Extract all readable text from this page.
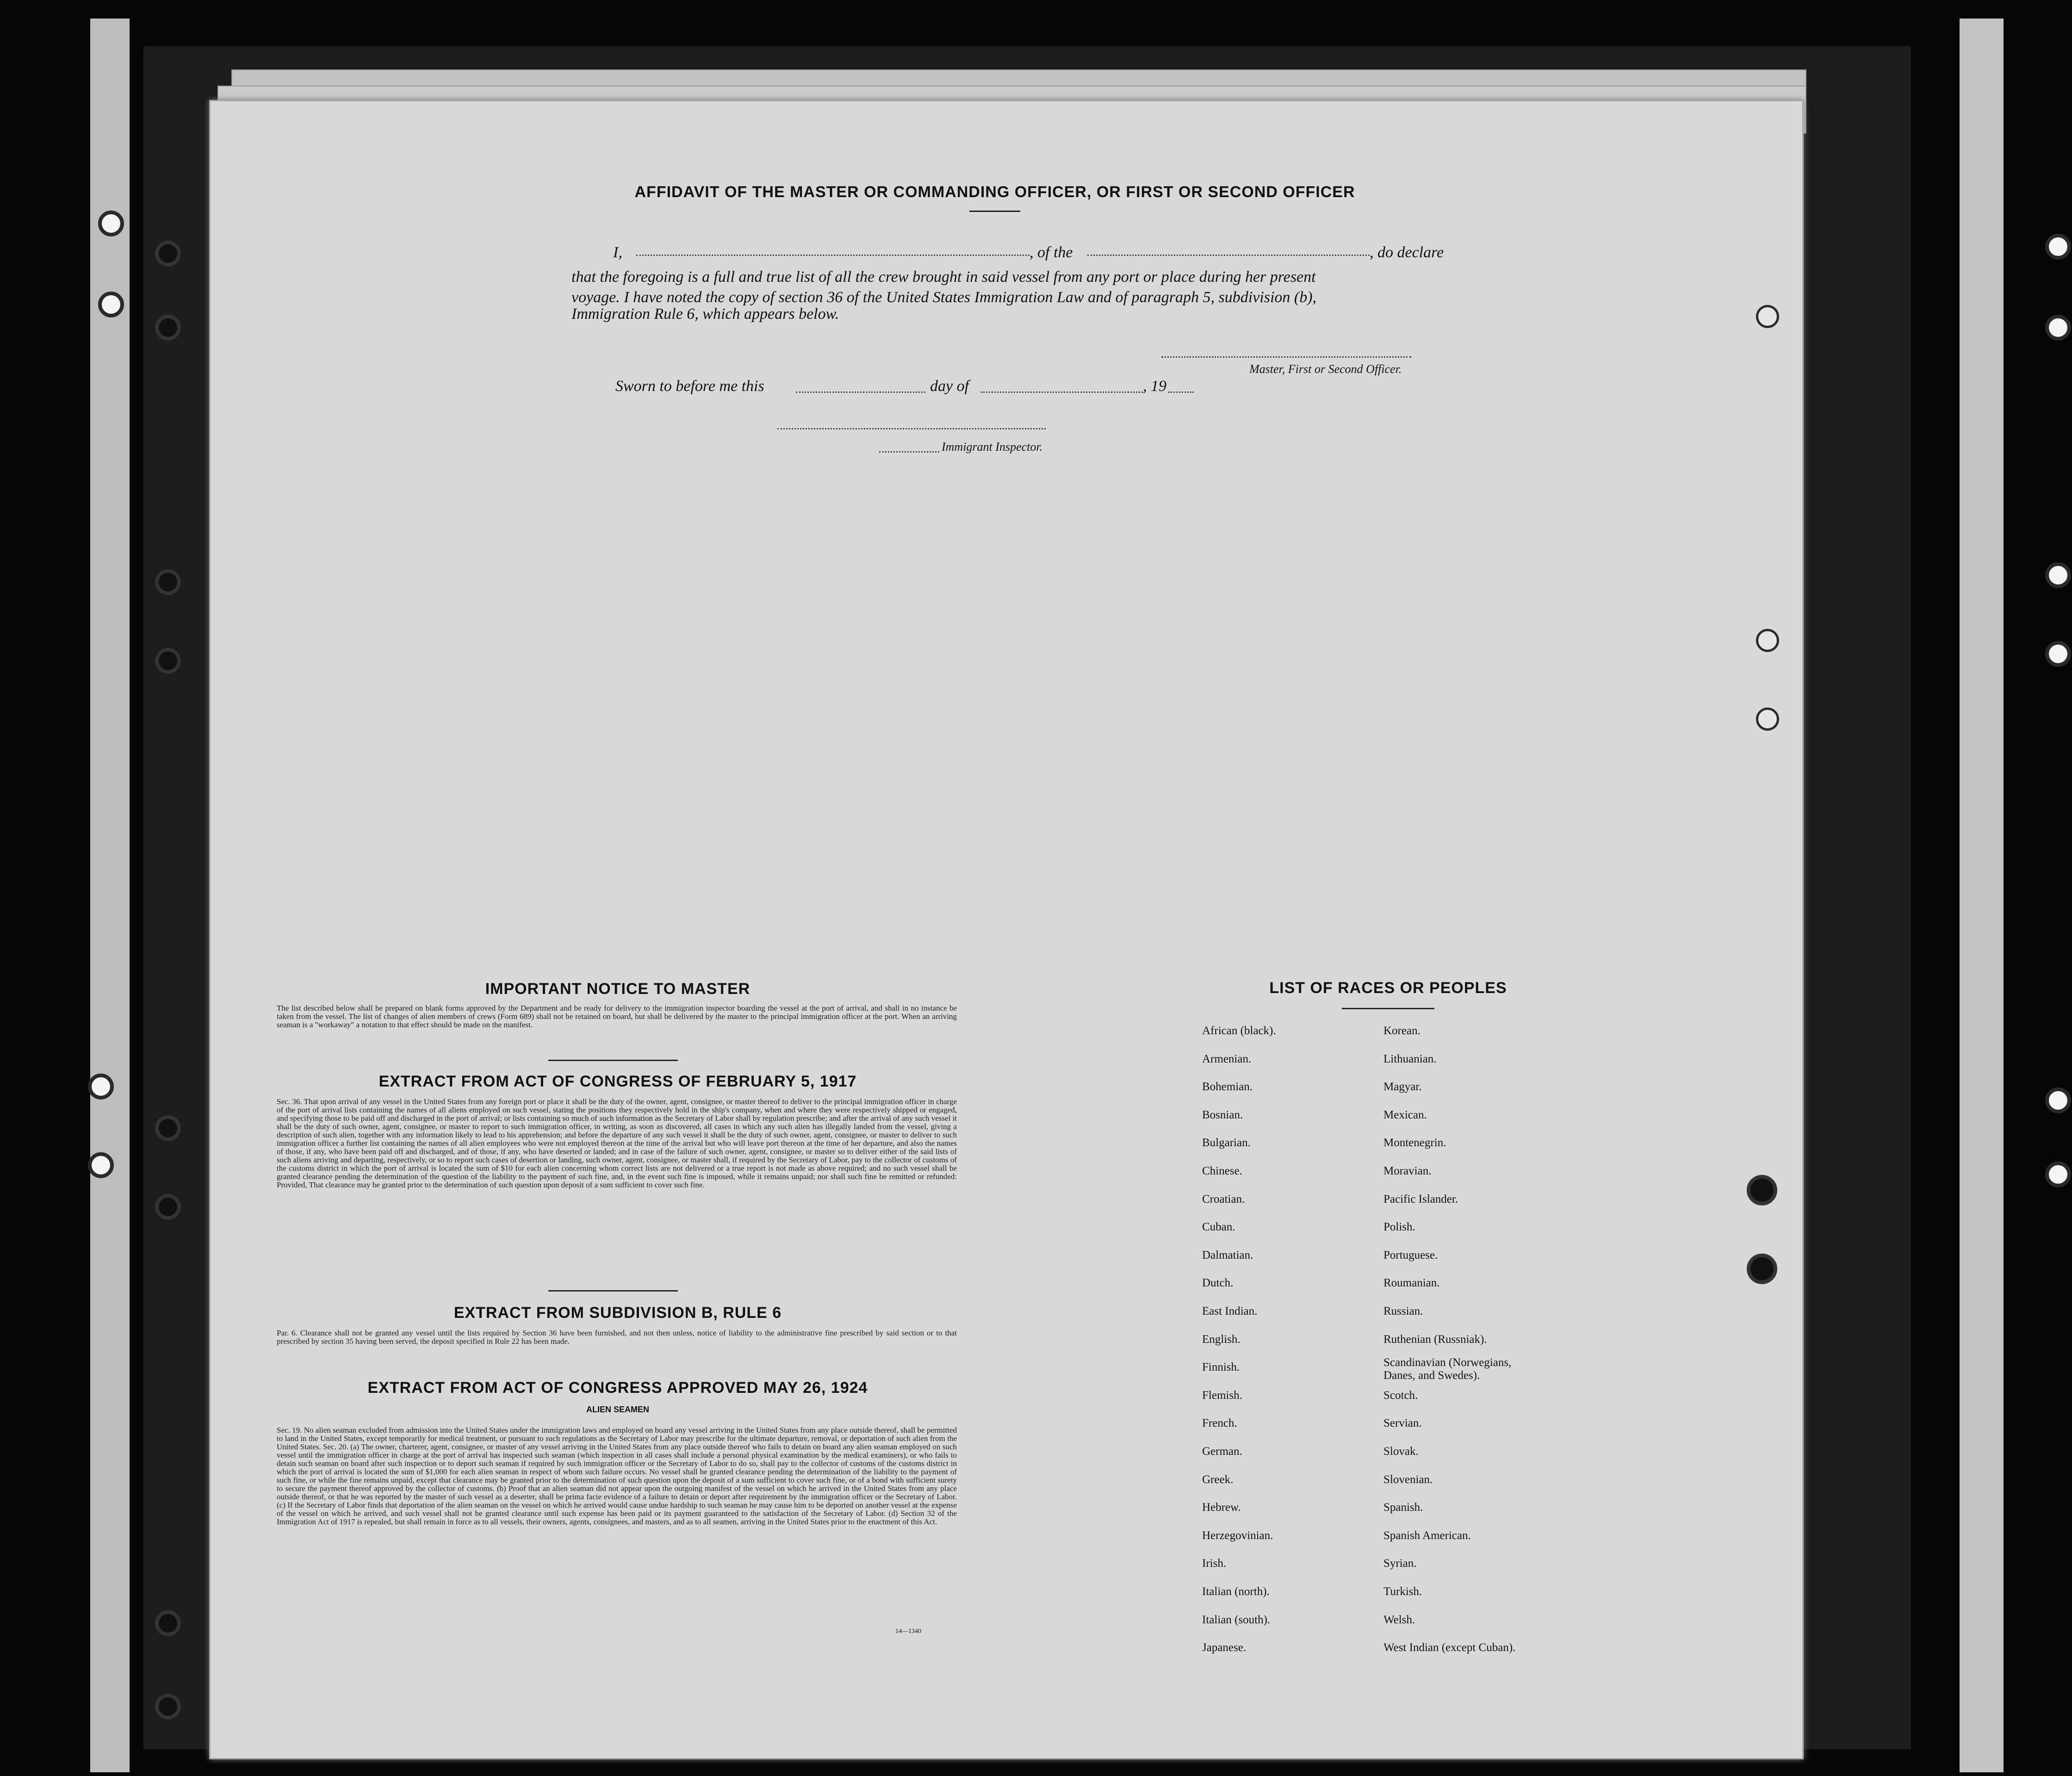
AFFIDAVIT OF THE MASTER OR COMMANDING OFFICER, OR FIRST OR SECOND OFFICER
I,	, of the	, do declare
that the foregoing is a full and true list of all the crew brought in said vessel from any port or place during her present
voyage. I have noted the copy of section 36 of the United States Immigration Law and of paragraph 5, subdivision (b),
Immigration Rule 6, which appears below.
Master, First or Second Officer.
Sworn to before me this	day of	, 19
Immigrant Inspector.
IMPORTANT NOTICE TO MASTER
The list described below shall be prepared on blank forms approved by the Department and be ready for delivery to the immigration inspector boarding the vessel at the port of arrival, and shall in no instance be taken from the vessel. The list of changes of alien members of crews (Form 689) shall not be retained on board, but shall be delivered by the master to the principal immigration officer at the port. When an arriving seaman is a "workaway" a notation to that effect should be made on the manifest.
EXTRACT FROM ACT OF CONGRESS OF FEBRUARY 5, 1917
Sec. 36. That upon arrival of any vessel in the United States from any foreign port or place it shall be the duty of the owner, agent, consignee, or master thereof to deliver to the principal immigration officer in charge of the port of arrival lists containing the names of all aliens employed on such vessel, stating the positions they respectively hold in the ship's company, when and where they were respectively shipped or engaged, and specifying those to be paid off and discharged in the port of arrival; or lists containing so much of such information as the Secretary of Labor shall by regulation prescribe; and after the arrival of any such vessel it shall be the duty of such owner, agent, consignee, or master to report to such immigration officer, in writing, as soon as discovered, all cases in which any such alien has illegally landed from the vessel, giving a description of such alien, together with any information likely to lead to his apprehension; and before the departure of any such vessel it shall be the duty of such owner, agent, consignee, or master to deliver to such immigration officer a further list containing the names of all alien employees who were not employed thereon at the time of the arrival but who will leave port thereon at the time of her departure, and also the names of those, if any, who have been paid off and discharged, and of those, if any, who have deserted or landed; and in case of the failure of such owner, agent, consignee, or master so to deliver either of the said lists of such aliens arriving and departing, respectively, or so to report such cases of desertion or landing, such owner, agent, consignee, or master shall, if required by the Secretary of Labor, pay to the collector of customs of the customs district in which the port of arrival is located the sum of $10 for each alien concerning whom correct lists are not delivered or a true report is not made as above required; and no such vessel shall be granted clearance pending the determination of the question of the liability to the payment of such fine, and, in the event such fine is imposed, while it remains unpaid; nor shall such fine be remitted or refunded: Provided, That clearance may be granted prior to the determination of such question upon deposit of a sum sufficient to cover such fine.
EXTRACT FROM SUBDIVISION B, RULE 6
Par. 6. Clearance shall not be granted any vessel until the lists required by Section 36 have been furnished, and not then unless, notice of liability to the administrative fine prescribed by said section or to that prescribed by section 35 having been served, the deposit specified in Rule 22 has been made.
EXTRACT FROM ACT OF CONGRESS APPROVED MAY 26, 1924
ALIEN SEAMEN
Sec. 19. No alien seaman excluded from admission into the United States under the immigration laws and employed on board any vessel arriving in the United States from any place outside thereof, shall be permitted to land in the United States, except temporarily for medical treatment, or pursuant to such regulations as the Secretary of Labor may prescribe for the ultimate departure, removal, or deportation of such alien from the United States. Sec. 20. (a) The owner, charterer, agent, consignee, or master of any vessel arriving in the United States from any place outside thereof who fails to detain on board any alien seaman employed on such vessel until the immigration officer in charge at the port of arrival has inspected such seaman (which inspection in all cases shall include a personal physical examination by the medical examiners), or who fails to detain such seaman on board after such inspection or to deport such seaman if required by such immigration officer or the Secretary of Labor to do so, shall pay to the collector of customs of the customs district in which the port of arrival is located the sum of $1,000 for each alien seaman in respect of whom such failure occurs. No vessel shall be granted clearance pending the determination of the liability to the payment of such fine, or while the fine remains unpaid, except that clearance may be granted prior to the determination of such question upon the deposit of a sum sufficient to cover such fine, or of a bond with sufficient surety to secure the payment thereof approved by the collector of customs. (b) Proof that an alien seaman did not appear upon the outgoing manifest of the vessel on which he arrived in the United States from any place outside thereof, or that he was reported by the master of such vessel as a deserter, shall be prima facie evidence of a failure to detain or deport after requirement by the immigration officer or the Secretary of Labor. (c) If the Secretary of Labor finds that deportation of the alien seaman on the vessel on which he arrived would cause undue hardship to such seaman he may cause him to be deported on another vessel at the expense of the vessel on which he arrived, and such vessel shall not be granted clearance until such expense has been paid or its payment guaranteed to the satisfaction of the Secretary of Labor. (d) Section 32 of the Immigration Act of 1917 is repealed, but shall remain in force as to all vessels, their owners, agents, consignees, and masters, and as to all seamen, arriving in the United States prior to the enactment of this Act.
14—1340
LIST OF RACES OR PEOPLES
African (black).
Armenian.
Bohemian.
Bosnian.
Bulgarian.
Chinese.
Croatian.
Cuban.
Dalmatian.
Dutch.
East Indian.
English.
Finnish.
Flemish.
French.
German.
Greek.
Hebrew.
Herzegovinian.
Irish.
Italian (north).
Italian (south).
Japanese.
Korean.
Lithuanian.
Magyar.
Mexican.
Montenegrin.
Moravian.
Pacific Islander.
Polish.
Portuguese.
Roumanian.
Russian.
Ruthenian (Russniak).
Scandinavian (Norwegians, Danes, and Swedes).
Scotch.
Servian.
Slovak.
Slovenian.
Spanish.
Spanish American.
Syrian.
Turkish.
Welsh.
West Indian (except Cuban).
